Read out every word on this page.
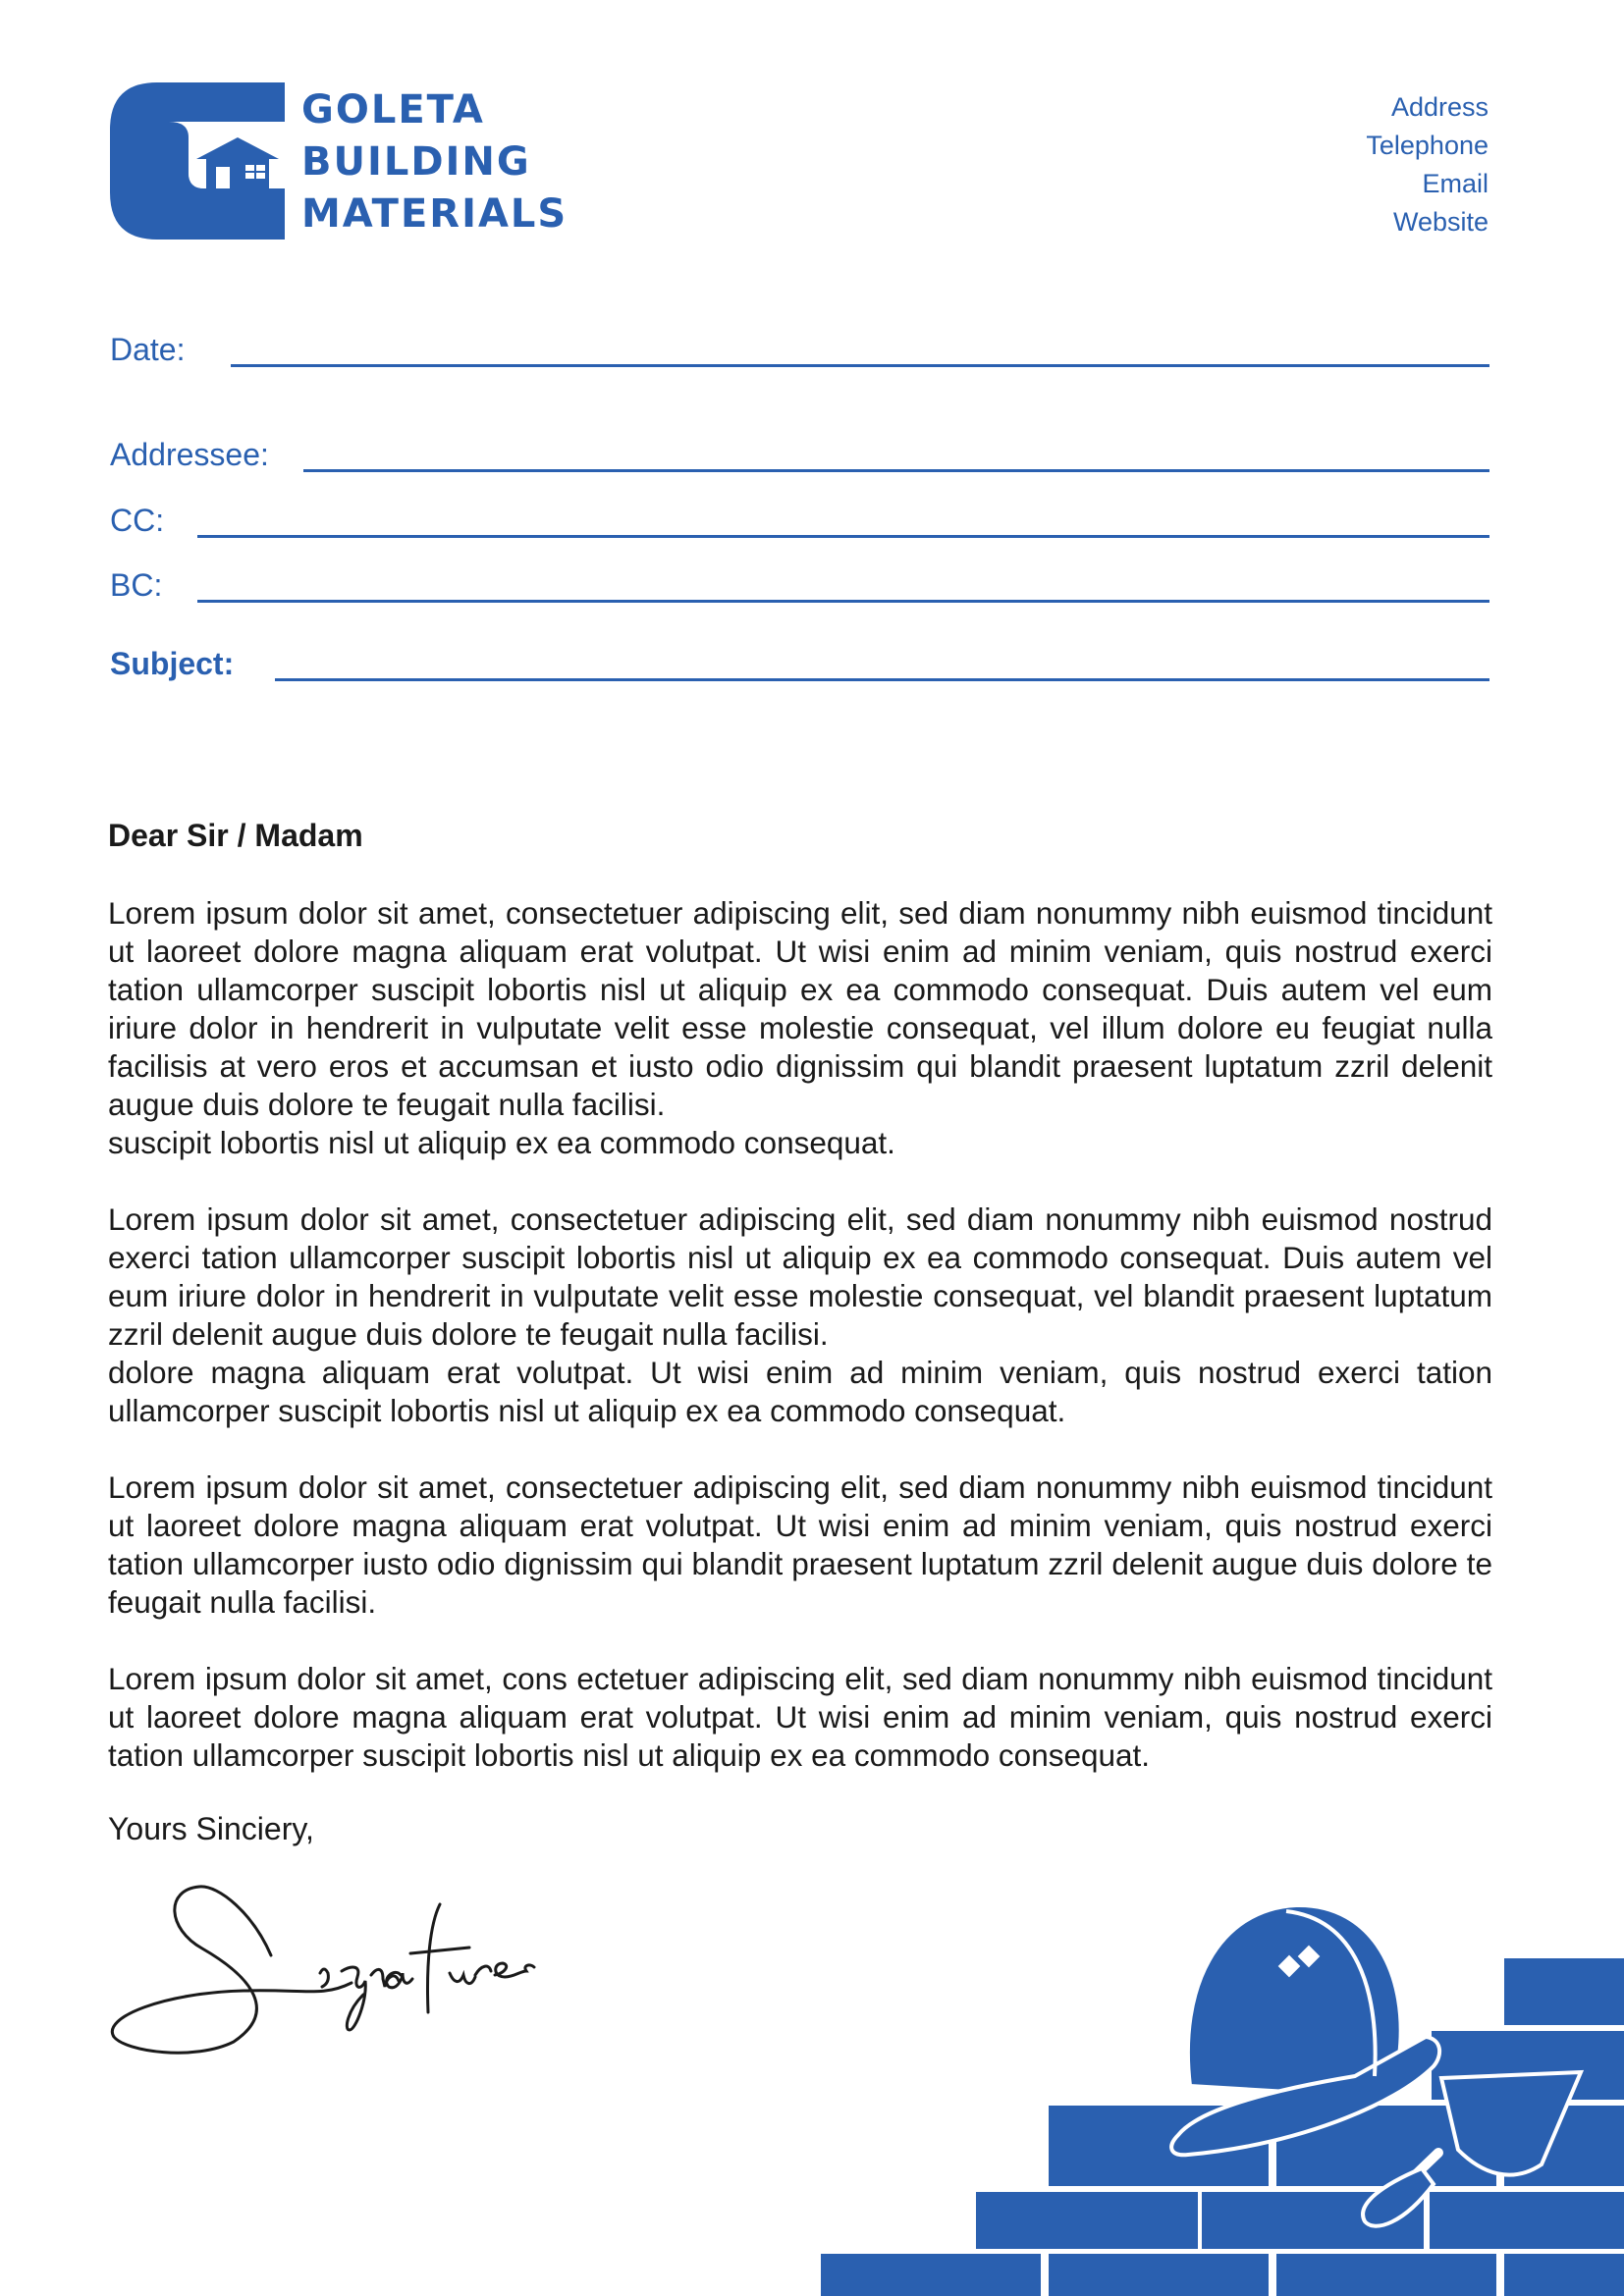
GOLETA
BUILDING
MATERIALS
Address
Telephone
Email
Website
Date:
Addressee:
CC:
BC:
Subject:
Dear Sir / Madam
Lorem ipsum dolor sit amet, consectetuer adipiscing elit, sed diam nonummy nibh euismod tincidunt ut laoreet dolore magna aliquam erat volutpat. Ut wisi enim ad minim veniam, quis nostrud exerci tation ullamcorper suscipit lobortis nisl ut aliquip ex ea commodo consequat. Duis autem vel eum iriure dolor in hendrerit in vulputate velit esse molestie consequat, vel illum dolore eu feugiat nulla facilisis at vero eros et accumsan et iusto odio dignissim qui blandit praesent luptatum zzril delenit augue duis dolore te feugait nulla facilisi.
suscipit lobortis nisl ut aliquip ex ea commodo consequat.
Lorem ipsum dolor sit amet, consectetuer adipiscing elit, sed diam nonummy nibh euismod nostrud exerci tation ullamcorper suscipit lobortis nisl ut aliquip ex ea commodo consequat. Duis autem vel eum iriure dolor in hendrerit in vulputate velit esse molestie consequat, vel blandit praesent luptatum zzril delenit augue duis dolore te feugait nulla facilisi.
dolore magna aliquam erat volutpat. Ut wisi enim ad minim veniam, quis nostrud exerci tation ullamcorper suscipit lobortis nisl ut aliquip ex ea commodo consequat.
Lorem ipsum dolor sit amet, consectetuer adipiscing elit, sed diam nonummy nibh euismod tincidunt ut laoreet dolore magna aliquam erat volutpat. Ut wisi enim ad minim veniam, quis nostrud exerci tation ullamcorper iusto odio dignissim qui blandit praesent luptatum zzril delenit augue duis dolore te feugait nulla facilisi.
Lorem ipsum dolor sit amet, cons ectetuer adipiscing elit, sed diam nonummy nibh euismod tincidunt ut laoreet dolore magna aliquam erat volutpat. Ut wisi enim ad minim veniam, quis nostrud exerci tation ullamcorper suscipit lobortis nisl ut aliquip ex ea commodo consequat.
Yours Sinciery,
